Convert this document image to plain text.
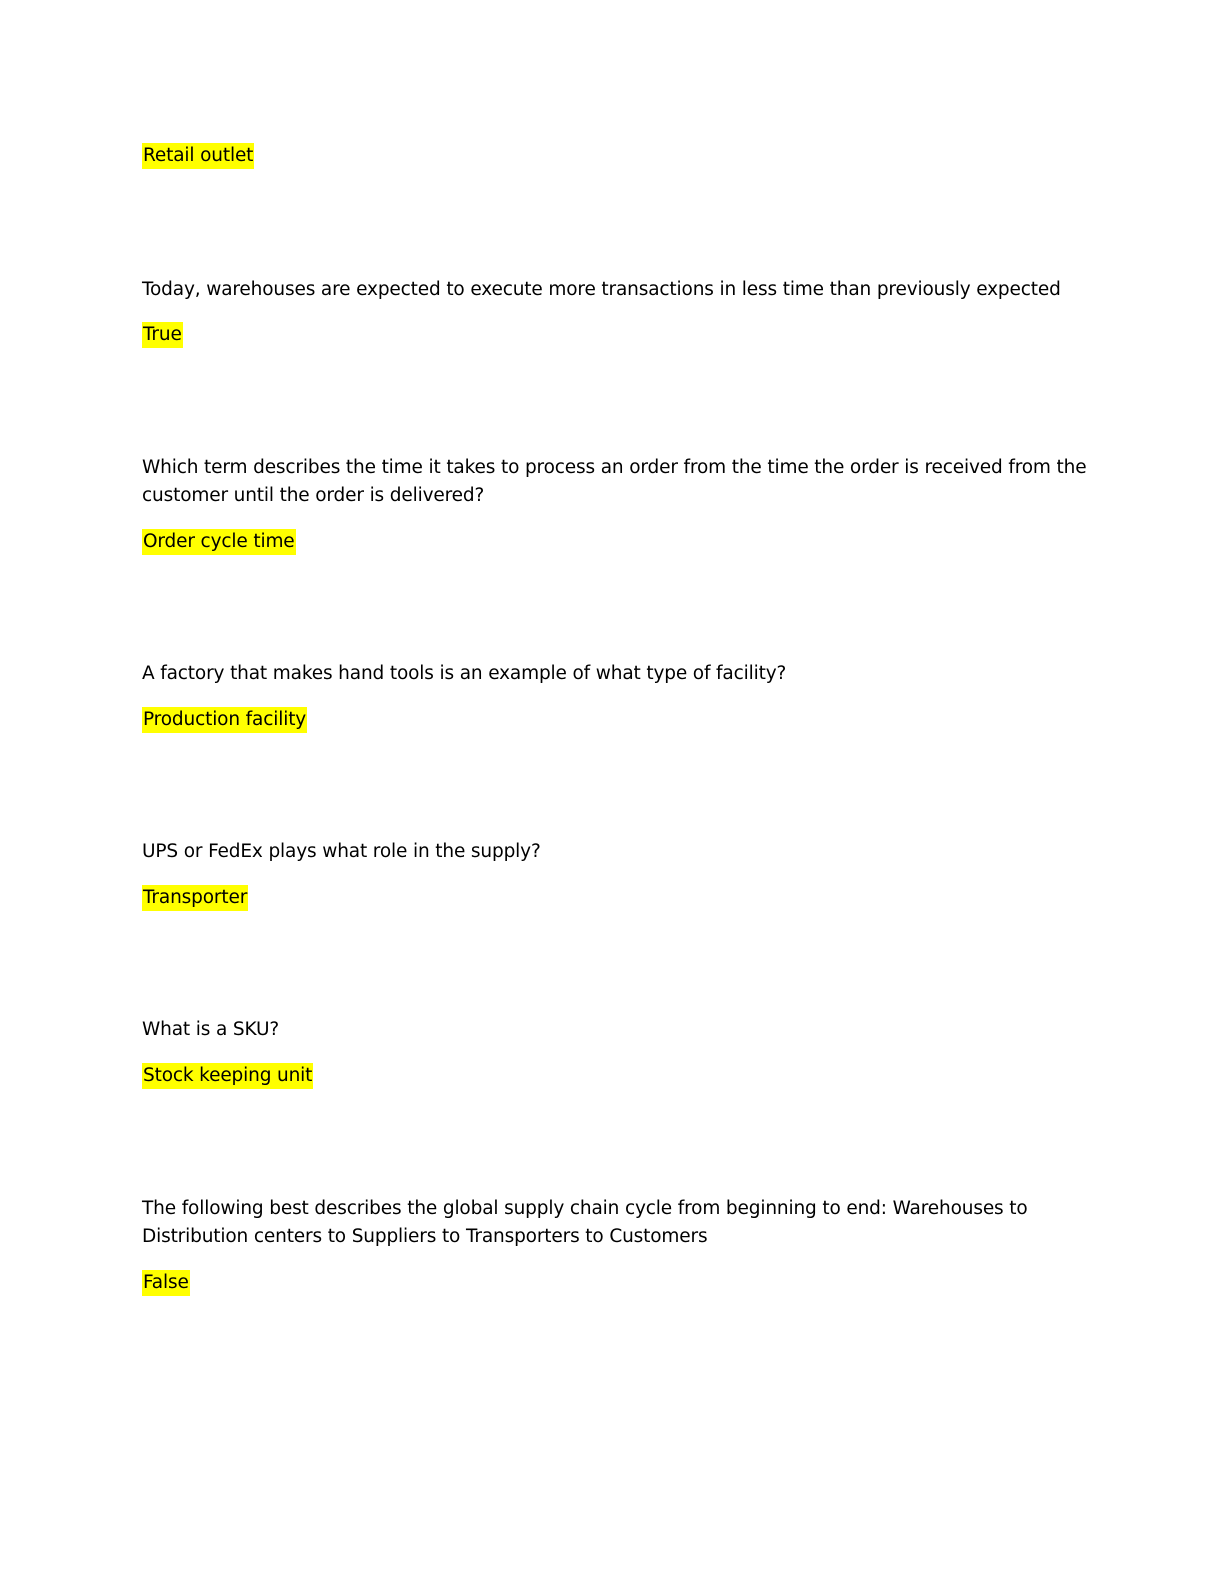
Retail outlet
Today, warehouses are expected to execute more transactions in less time than previously expected
True
Which term describes the time it takes to process an order from the time the order is received from the
customer until the order is delivered?
Order cycle time
A factory that makes hand tools is an example of what type of facility?
Production facility
UPS or FedEx plays what role in the supply?
Transporter
What is a SKU?
Stock keeping unit
The following best describes the global supply chain cycle from beginning to end: Warehouses to
Distribution centers to Suppliers to Transporters to Customers
False
